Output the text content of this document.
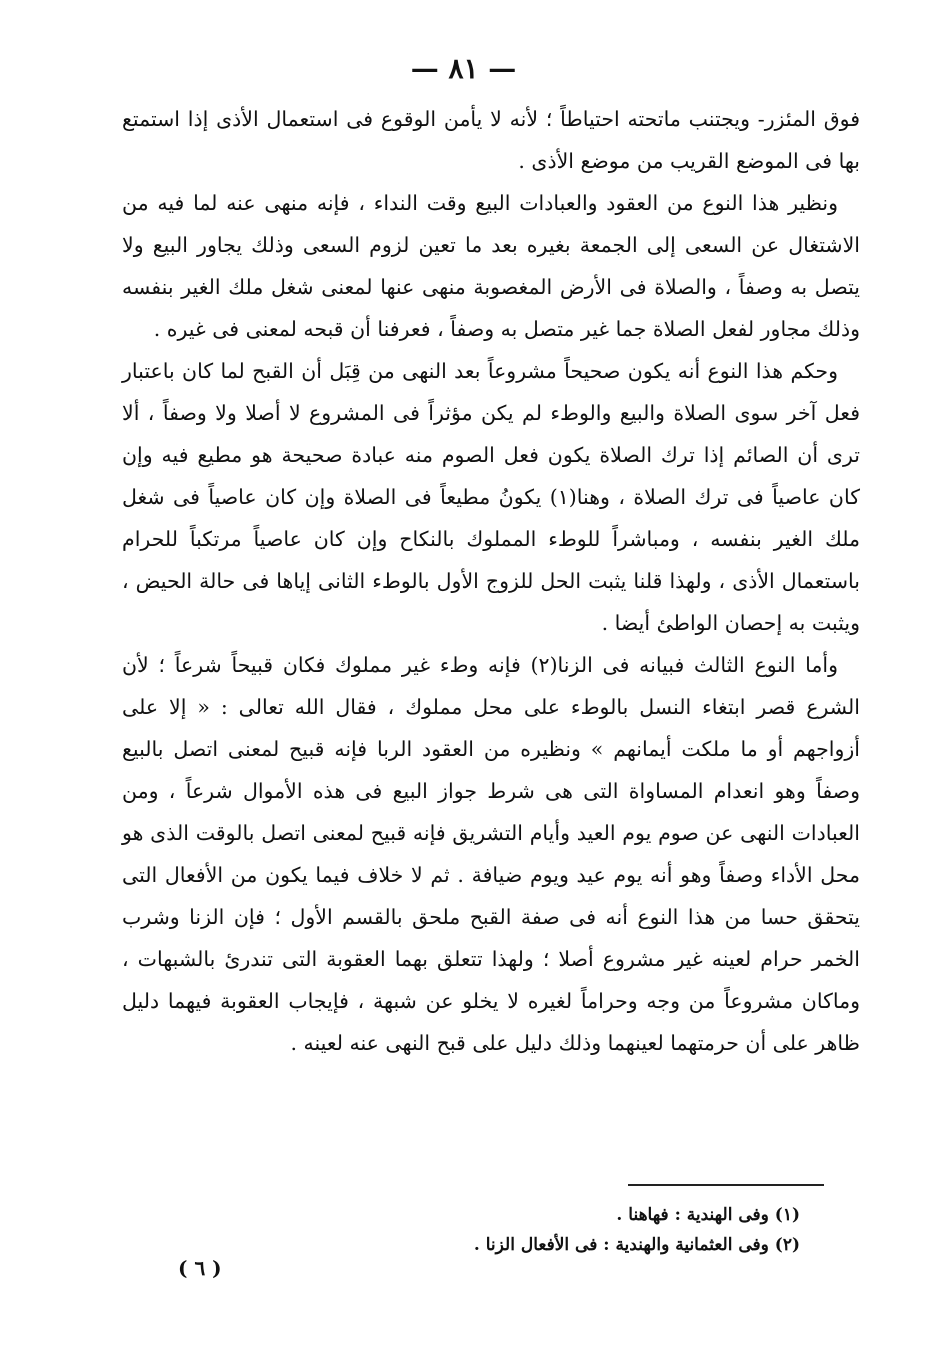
— ٨١ —

فوق المئزر- ويجتنب ماتحته احتياطاً ؛ لأنه لا يأمن الوقوع فى استعمال الأذى إذا استمتع بها فى الموضع القريب من موضع الأذى .

ونظير هذا النوع من العقود والعبادات البيع وقت النداء ، فإنه منهى عنه لما فيه من الاشتغال عن السعى إلى الجمعة بغيره بعد ما تعين لزوم السعى وذلك يجاور البيع ولا يتصل به وصفاً ، والصلاة فى الأرض المغصوبة منهى عنها لمعنى شغل ملك الغير بنفسه وذلك مجاور لفعل الصلاة جما غير متصل به وصفاً ، فعرفنا أن قبحه لمعنى فى غيره .

وحكم هذا النوع أنه يكون صحيحاً مشروعاً بعد النهى من قِبَل أن القبح لما كان باعتبار فعل آخر سوى الصلاة والبيع والوطء لم يكن مؤثراً فى المشروع لا أصلا ولا وصفاً ، ألا ترى أن الصائم إذا ترك الصلاة يكون فعل الصوم منه عبادة صحيحة هو مطيع فيه وإن كان عاصياً فى ترك الصلاة ، وهنا(١) يكونُ مطيعاً فى الصلاة وإن كان عاصياً فى شغل ملك الغير بنفسه ، ومباشراً للوطء المملوك بالنكاح وإن كان عاصياً مرتكباً للحرام باستعمال الأذى ، ولهذا قلنا يثبت الحل للزوج الأول بالوطء الثانى إياها فى حالة الحيض ، ويثبت به إحصان الواطئ أيضا .

وأما النوع الثالث فبيانه فى الزنا(٢) فإنه وطء غير مملوك فكان قبيحاً شرعاً ؛ لأن الشرع قصر ابتغاء النسل بالوطء على محل مملوك ، فقال الله تعالى : « إلا على أزواجهم أو ما ملكت أيمانهم » ونظيره من العقود الربا فإنه قبيح لمعنى اتصل بالبيع وصفاً وهو انعدام المساواة التى هى شرط جواز البيع فى هذه الأموال شرعاً ، ومن العبادات النهى عن صوم يوم العيد وأيام التشريق فإنه قبيح لمعنى اتصل بالوقت الذى هو محل الأداء وصفاً وهو أنه يوم عيد ويوم ضيافة . ثم لا خلاف فيما يكون من الأفعال التى يتحقق حسا من هذا النوع أنه فى صفة القبح ملحق بالقسم الأول ؛ فإن الزنا وشرب الخمر حرام لعينه غير مشروع أصلا ؛ ولهذا تتعلق بهما العقوبة التى تندرئ بالشبهات ، وماكان مشروعاً من وجه وحراماً لغيره لا يخلو عن شبهة ، فإيجاب العقوبة فيهما دليل ظاهر على أن حرمتهما لعينهما وذلك دليل على قبح النهى عنه لعينه .

(١) وفى الهندية : فهاهنا .
(٢) وفى العثمانية والهندية : فى الأفعال الزنا .
( ٦ )
